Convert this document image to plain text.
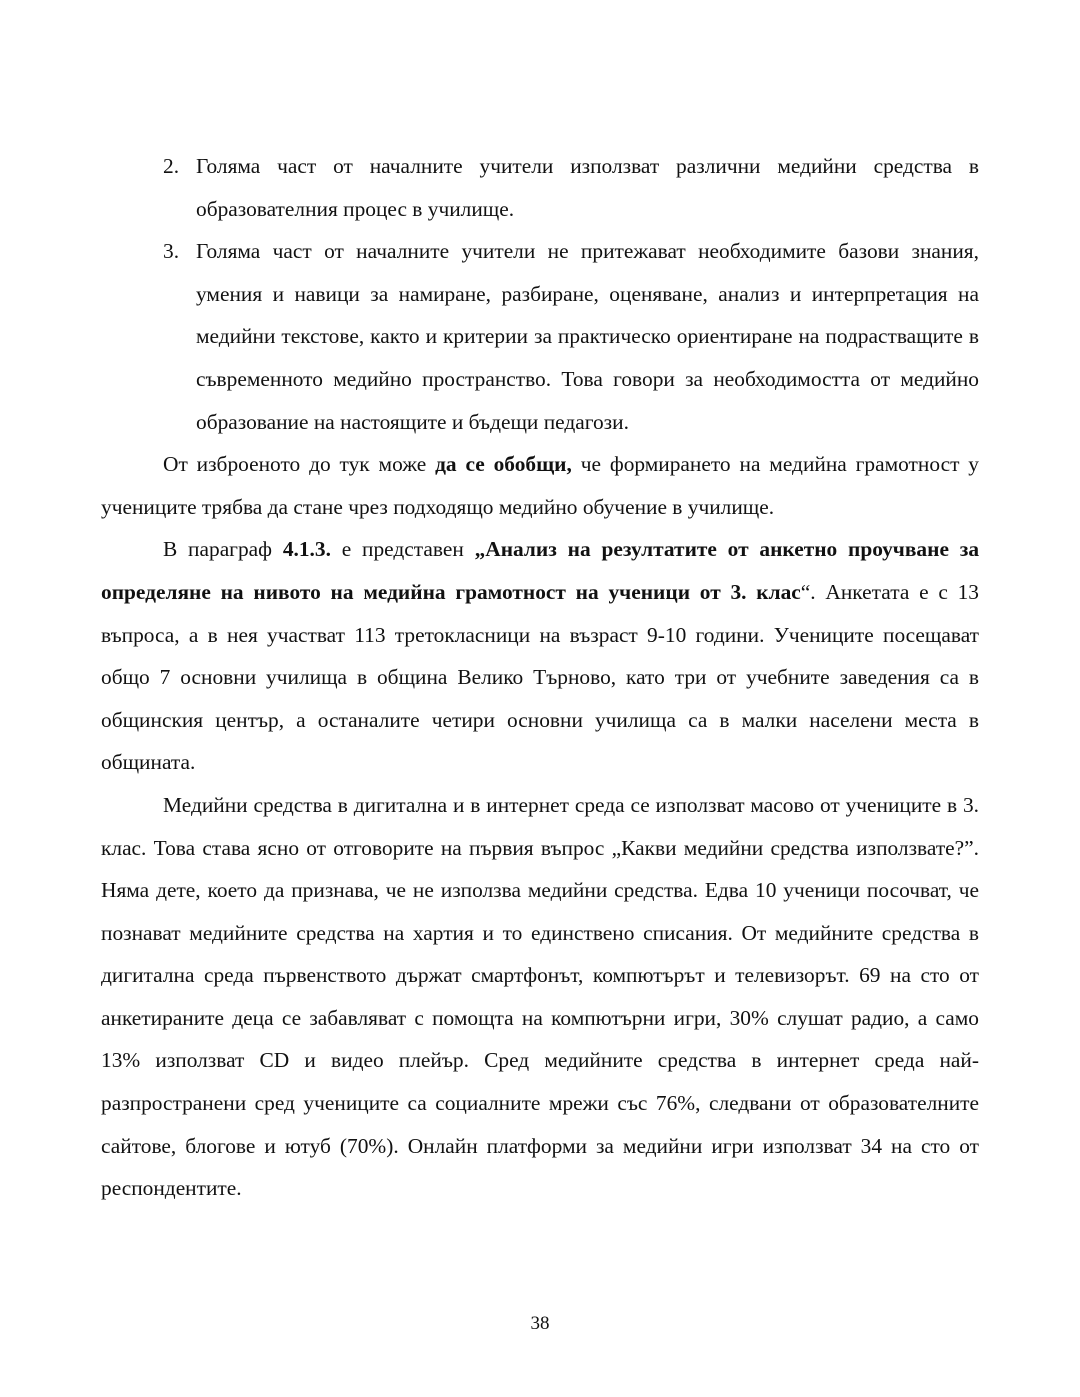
2. Голяма част от началните учители използват различни медийни средства в образователния процес в училище.
3. Голяма част от началните учители не притежават необходимите базови знания, умения и навици за намиране, разбиране, оценяване, анализ и интерпретация на медийни текстове, както и критерии за практическо ориентиране на подрастващите в съвременното медийно пространство. Това говори за необходимостта от медийно образование на настоящите и бъдещи педагози.

От изброеното до тук може да се обобщи, че формирането на медийна грамотност у учениците трябва да стане чрез подходящо медийно обучение в училище.

В параграф 4.1.3. е представен „Анализ на резултатите от анкетно проучване за определяне на нивото на медийна грамотност на ученици от 3. клас“. Анкетата е с 13 въпроса, а в нея участват 113 третокласници на възраст 9-10 години. Учениците посещават общо 7 основни училища в община Велико Търново, като три от учебните заведения са в общинския център, а останалите четири основни училища са в малки населени места в общината.

Медийни средства в дигитална и в интернет среда се използват масово от учениците в 3. клас. Това става ясно от отговорите на първия въпрос „Какви медийни средства използвате?”. Няма дете, което да признава, че не използва медийни средства. Едва 10 ученици посочват, че познават медийните средства на хартия и то единствено списания. От медийните средства в дигитална среда първенството държат смартфонът, компютърът и телевизорът. 69 на сто от анкетираните деца се забавляват с помощта на компютърни игри, 30% слушат радио, а само 13% използват CD и видео плейър. Сред медийните средства в интернет среда най-разпространени сред учениците са социалните мрежи със 76%, следвани от образователните сайтове, блогове и ютуб (70%). Онлайн платформи за медийни игри използват 34 на сто от респондентите.

38
